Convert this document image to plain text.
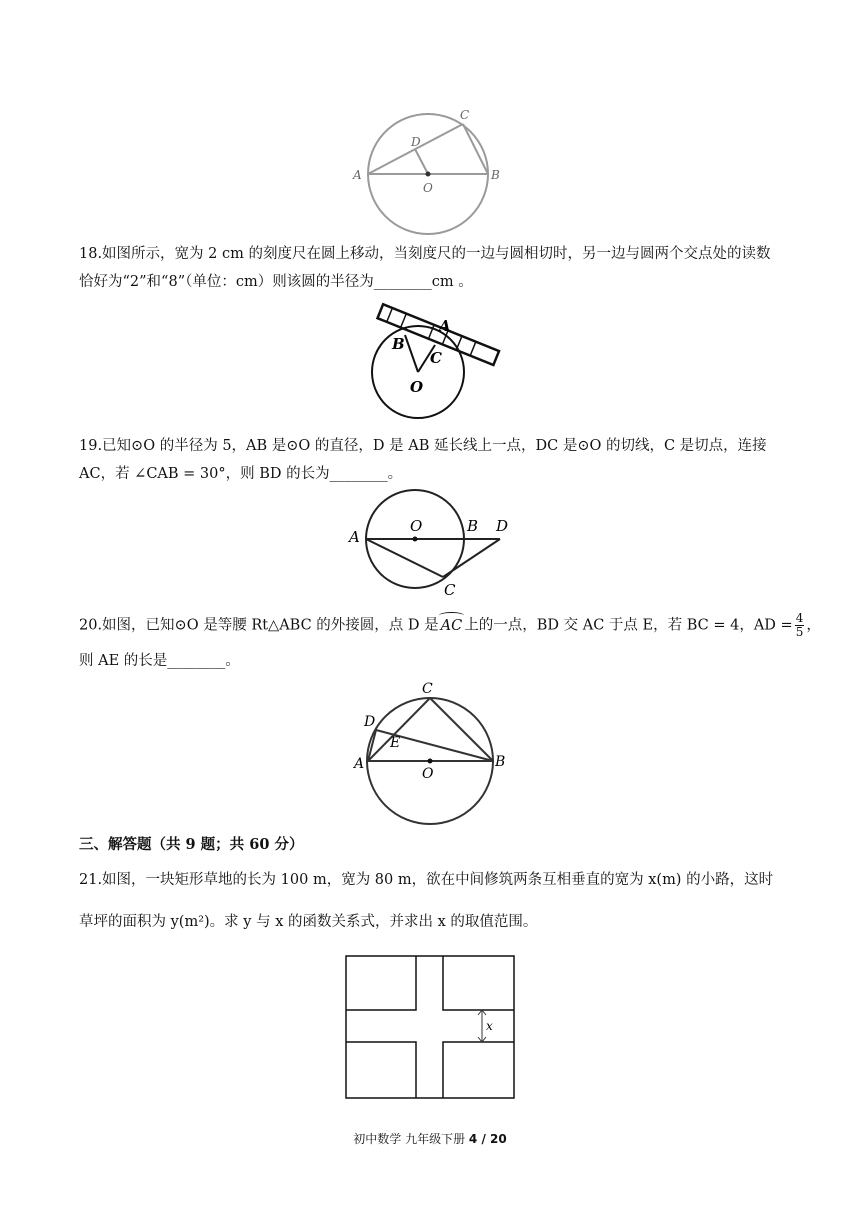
A	B
C
D
O
18.如图所示，宽为 2 cm 的刻度尺在圆上移动，当刻度尺的一边与圆相切时，另一边与圆两个交点处的读数
恰好为“2”和“8”（单位：cm）则该圆的半径为________cm 。
B
A
C
O
19.已知⊙O 的半径为 5，AB 是⊙O 的直径，D 是 AB 延长线上一点，DC 是⊙O 的切线，C 是切点，连接
AC，若 ∠CAB = 30°，则 BD 的长为________。
A
O	B D
C
20.如图，已知⊙O 是等腰 Rt△ABC 的外接圆，点 D 是 AC 上的一点，BD 交 AC 于点 E，若 BC = 4，AD = $\frac{4}{5}$ ，
则 AE 的长是________。
C
D
E
A	B
O
三、解答题（共 9 题；共 60 分）
21.如图，一块矩形草地的长为 100 m，宽为 80 m，欲在中间修筑两条互相垂直的宽为 x(m) 的小路，这时
草坪的面积为 y(m²)。求 y 与 x 的函数关系式，并求出 x 的取值范围。
x
初中数学 九年级下册 4 / 20
